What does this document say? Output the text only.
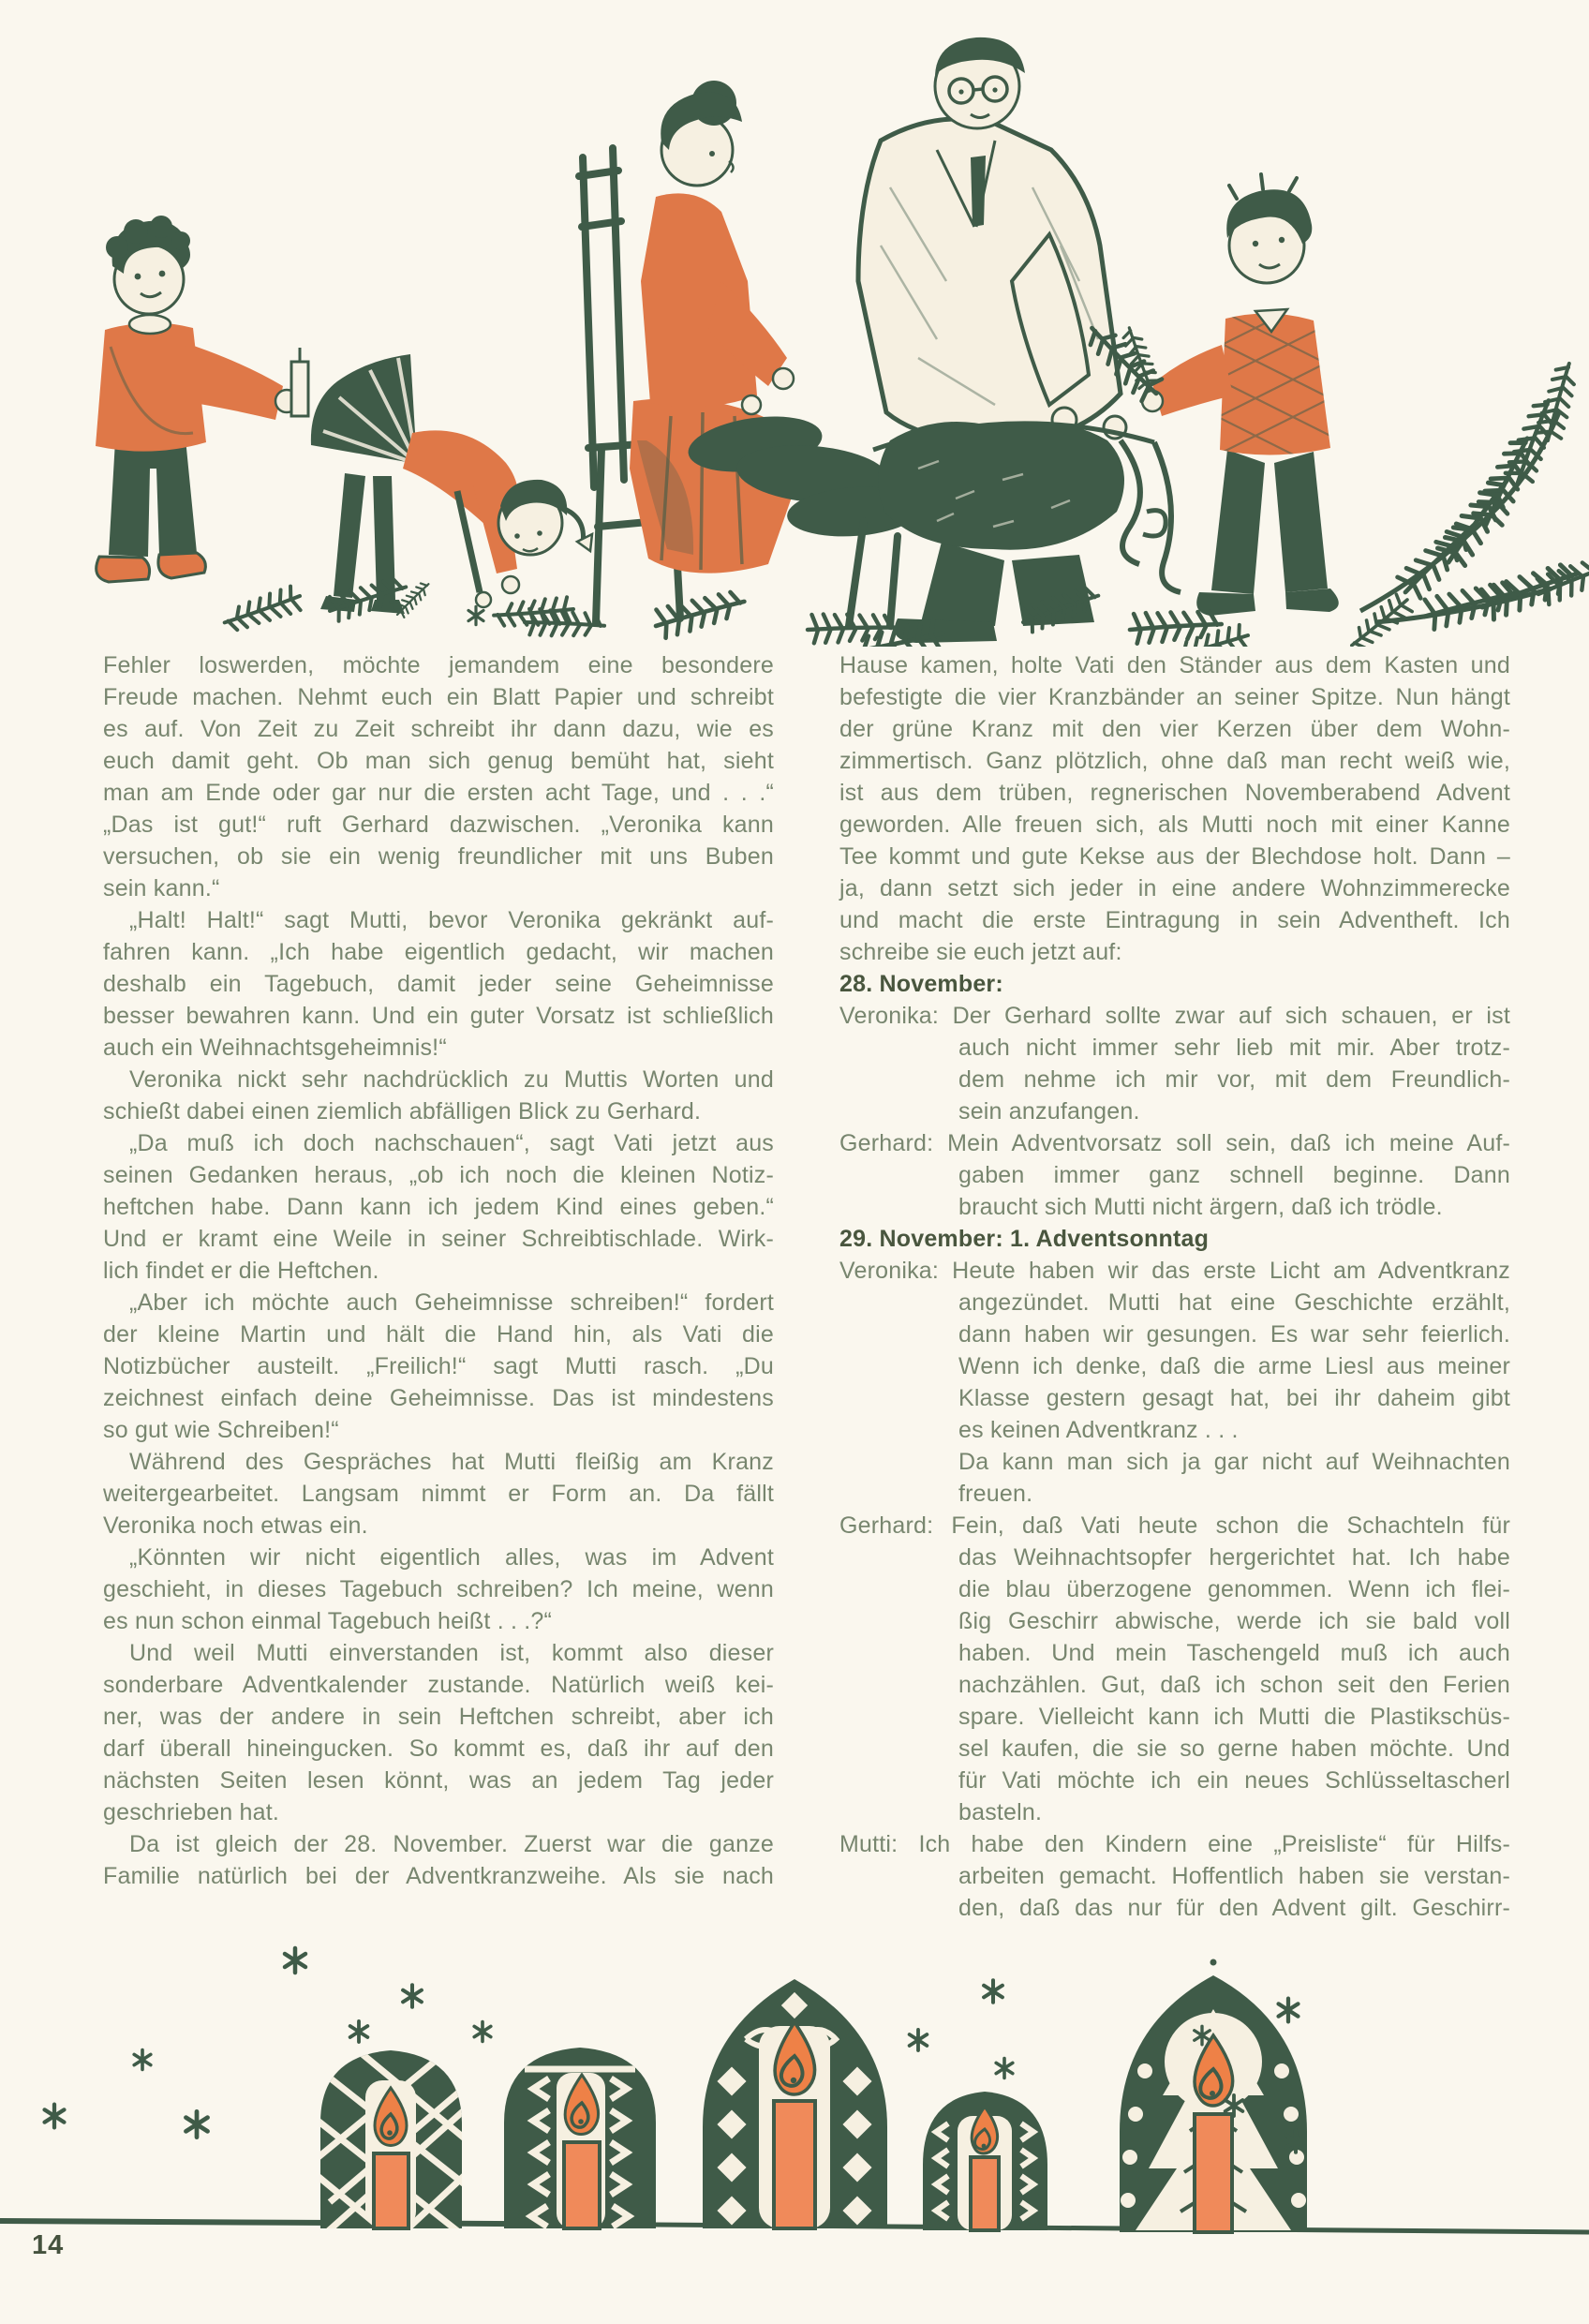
Fehler loswerden, möchte jemandem eine besondere
Freude machen. Nehmt euch ein Blatt Papier und schreibt
es auf. Von Zeit zu Zeit schreibt ihr dann dazu, wie es
euch damit geht. Ob man sich genug bemüht hat, sieht
man am Ende oder gar nur die ersten acht Tage, und . . .“
„Das ist gut!“ ruft Gerhard dazwischen. „Veronika kann
versuchen, ob sie ein wenig freundlicher mit uns Buben
sein kann.“
„Halt! Halt!“ sagt Mutti, bevor Veronika gekränkt auf-
fahren kann. „Ich habe eigentlich gedacht, wir machen
deshalb ein Tagebuch, damit jeder seine Geheimnisse
besser bewahren kann. Und ein guter Vorsatz ist schließlich
auch ein Weihnachtsgeheimnis!“
Veronika nickt sehr nachdrücklich zu Muttis Worten und
schießt dabei einen ziemlich abfälligen Blick zu Gerhard.
„Da muß ich doch nachschauen“, sagt Vati jetzt aus
seinen Gedanken heraus, „ob ich noch die kleinen Notiz-
heftchen habe. Dann kann ich jedem Kind eines geben.“
Und er kramt eine Weile in seiner Schreibtischlade. Wirk-
lich findet er die Heftchen.
„Aber ich möchte auch Geheimnisse schreiben!“ fordert
der kleine Martin und hält die Hand hin, als Vati die
Notizbücher austeilt. „Freilich!“ sagt Mutti rasch. „Du
zeichnest einfach deine Geheimnisse. Das ist mindestens
so gut wie Schreiben!“
Während des Gespräches hat Mutti fleißig am Kranz
weitergearbeitet. Langsam nimmt er Form an. Da fällt
Veronika noch etwas ein.
„Könnten wir nicht eigentlich alles, was im Advent
geschieht, in dieses Tagebuch schreiben? Ich meine, wenn
es nun schon einmal Tagebuch heißt . . .?“
Und weil Mutti einverstanden ist, kommt also dieser
sonderbare Adventkalender zustande. Natürlich weiß kei-
ner, was der andere in sein Heftchen schreibt, aber ich
darf überall hineingucken. So kommt es, daß ihr auf den
nächsten Seiten lesen könnt, was an jedem Tag jeder
geschrieben hat.
Da ist gleich der 28. November. Zuerst war die ganze
Familie natürlich bei der Adventkranzweihe. Als sie nach
Hause kamen, holte Vati den Ständer aus dem Kasten und
befestigte die vier Kranzbänder an seiner Spitze. Nun hängt
der grüne Kranz mit den vier Kerzen über dem Wohn-
zimmertisch. Ganz plötzlich, ohne daß man recht weiß wie,
ist aus dem trüben, regnerischen Novemberabend Advent
geworden. Alle freuen sich, als Mutti noch mit einer Kanne
Tee kommt und gute Kekse aus der Blechdose holt. Dann –
ja, dann setzt sich jeder in eine andere Wohnzimmerecke
und macht die erste Eintragung in sein Adventheft. Ich
schreibe sie euch jetzt auf:
28. November:
Veronika: Der Gerhard sollte zwar auf sich schauen, er ist
auch nicht immer sehr lieb mit mir. Aber trotz-
dem nehme ich mir vor, mit dem Freundlich-
sein anzufangen.
Gerhard: Mein Adventvorsatz soll sein, daß ich meine Auf-
gaben immer ganz schnell beginne. Dann
braucht sich Mutti nicht ärgern, daß ich trödle.
29. November: 1. Adventsonntag
Veronika: Heute haben wir das erste Licht am Adventkranz
angezündet. Mutti hat eine Geschichte erzählt,
dann haben wir gesungen. Es war sehr feierlich.
Wenn ich denke, daß die arme Liesl aus meiner
Klasse gestern gesagt hat, bei ihr daheim gibt
es keinen Adventkranz . . .
Da kann man sich ja gar nicht auf Weihnachten
freuen.
Gerhard: Fein, daß Vati heute schon die Schachteln für
das Weihnachtsopfer hergerichtet hat. Ich habe
die blau überzogene genommen. Wenn ich flei-
ßig Geschirr abwische, werde ich sie bald voll
haben. Und mein Taschengeld muß ich auch
nachzählen. Gut, daß ich schon seit den Ferien
spare. Vielleicht kann ich Mutti die Plastikschüs-
sel kaufen, die sie so gerne haben möchte. Und
für Vati möchte ich ein neues Schlüsseltascherl
basteln.
Mutti: Ich habe den Kindern eine „Preisliste“ für Hilfs-
arbeiten gemacht. Hoffentlich haben sie verstan-
den, daß das nur für den Advent gilt. Geschirr-
14
